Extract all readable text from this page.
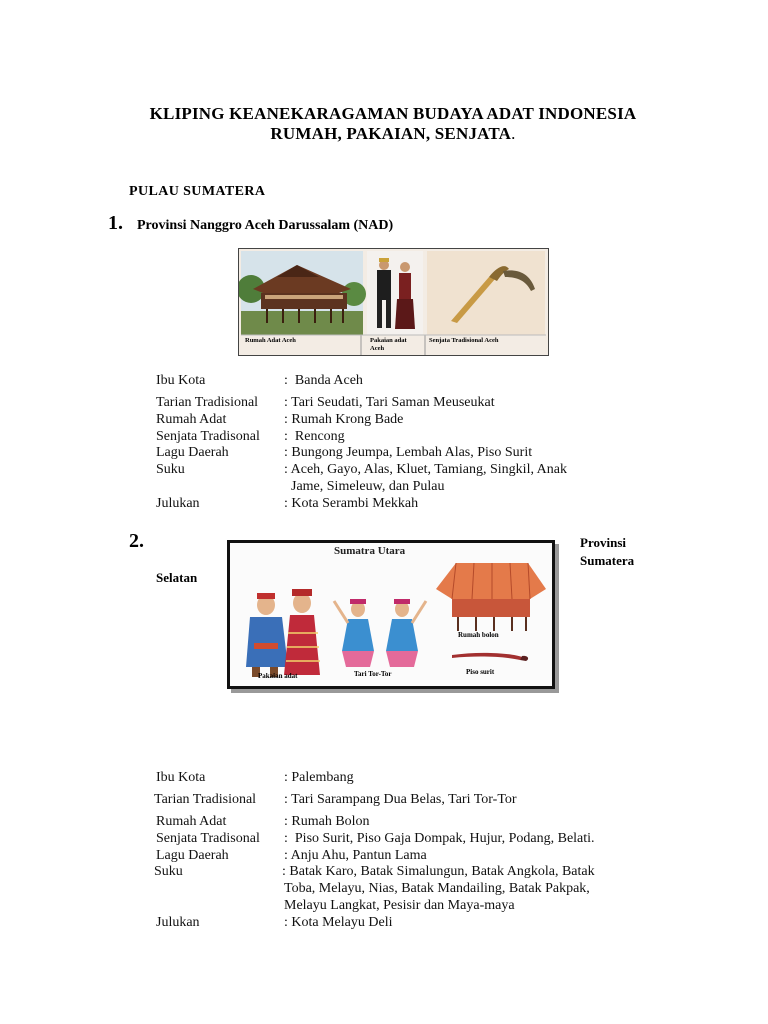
KLIPING KEANEKARAGAMAN BUDAYA ADAT INDONESIA
RUMAH, PAKAIAN, SENJATA.
PULAU SUMATERA
1. Provinsi Nanggro Aceh Darussalam (NAD)
Rumah Adat Aceh	Pakaian adat
Aceh
Senjata Tradisional Aceh
Ibu Kota	:  Banda Aceh
Tarian Tradisional : Tari Seudati, Tari Saman Meuseukat
Rumah Adat	: Rumah Krong Bade
Senjata Tradisonal :  Rencong
Lagu Daerah	: Bungong Jeumpa, Lembah Alas, Piso Surit
Suku	: Aceh, Gayo, Alas, Kluet, Tamiang, Singkil, Anak
Jame, Simeleuw, dan Pulau
Julukan	: Kota Serambi Mekkah
2.	Provinsi
Sumatera
Selatan
Sumatra Utara
Pakaian adat	Tari Tor-Tor
Rumah bolon
Piso surit
Ibu Kota	: Palembang
Tarian Tradisional : Tari Sarampang Dua Belas, Tari Tor-Tor
Rumah Adat	: Rumah Bolon
Senjata Tradisonal :  Piso Surit, Piso Gaja Dompak, Hujur, Podang, Belati.
Lagu Daerah	: Anju Ahu, Pantun Lama
Suku	: Batak Karo, Batak Simalungun, Batak Angkola, Batak
Toba, Melayu, Nias, Batak Mandailing, Batak Pakpak,
Melayu Langkat, Pesisir dan Maya-maya
Julukan	: Kota Melayu Deli
